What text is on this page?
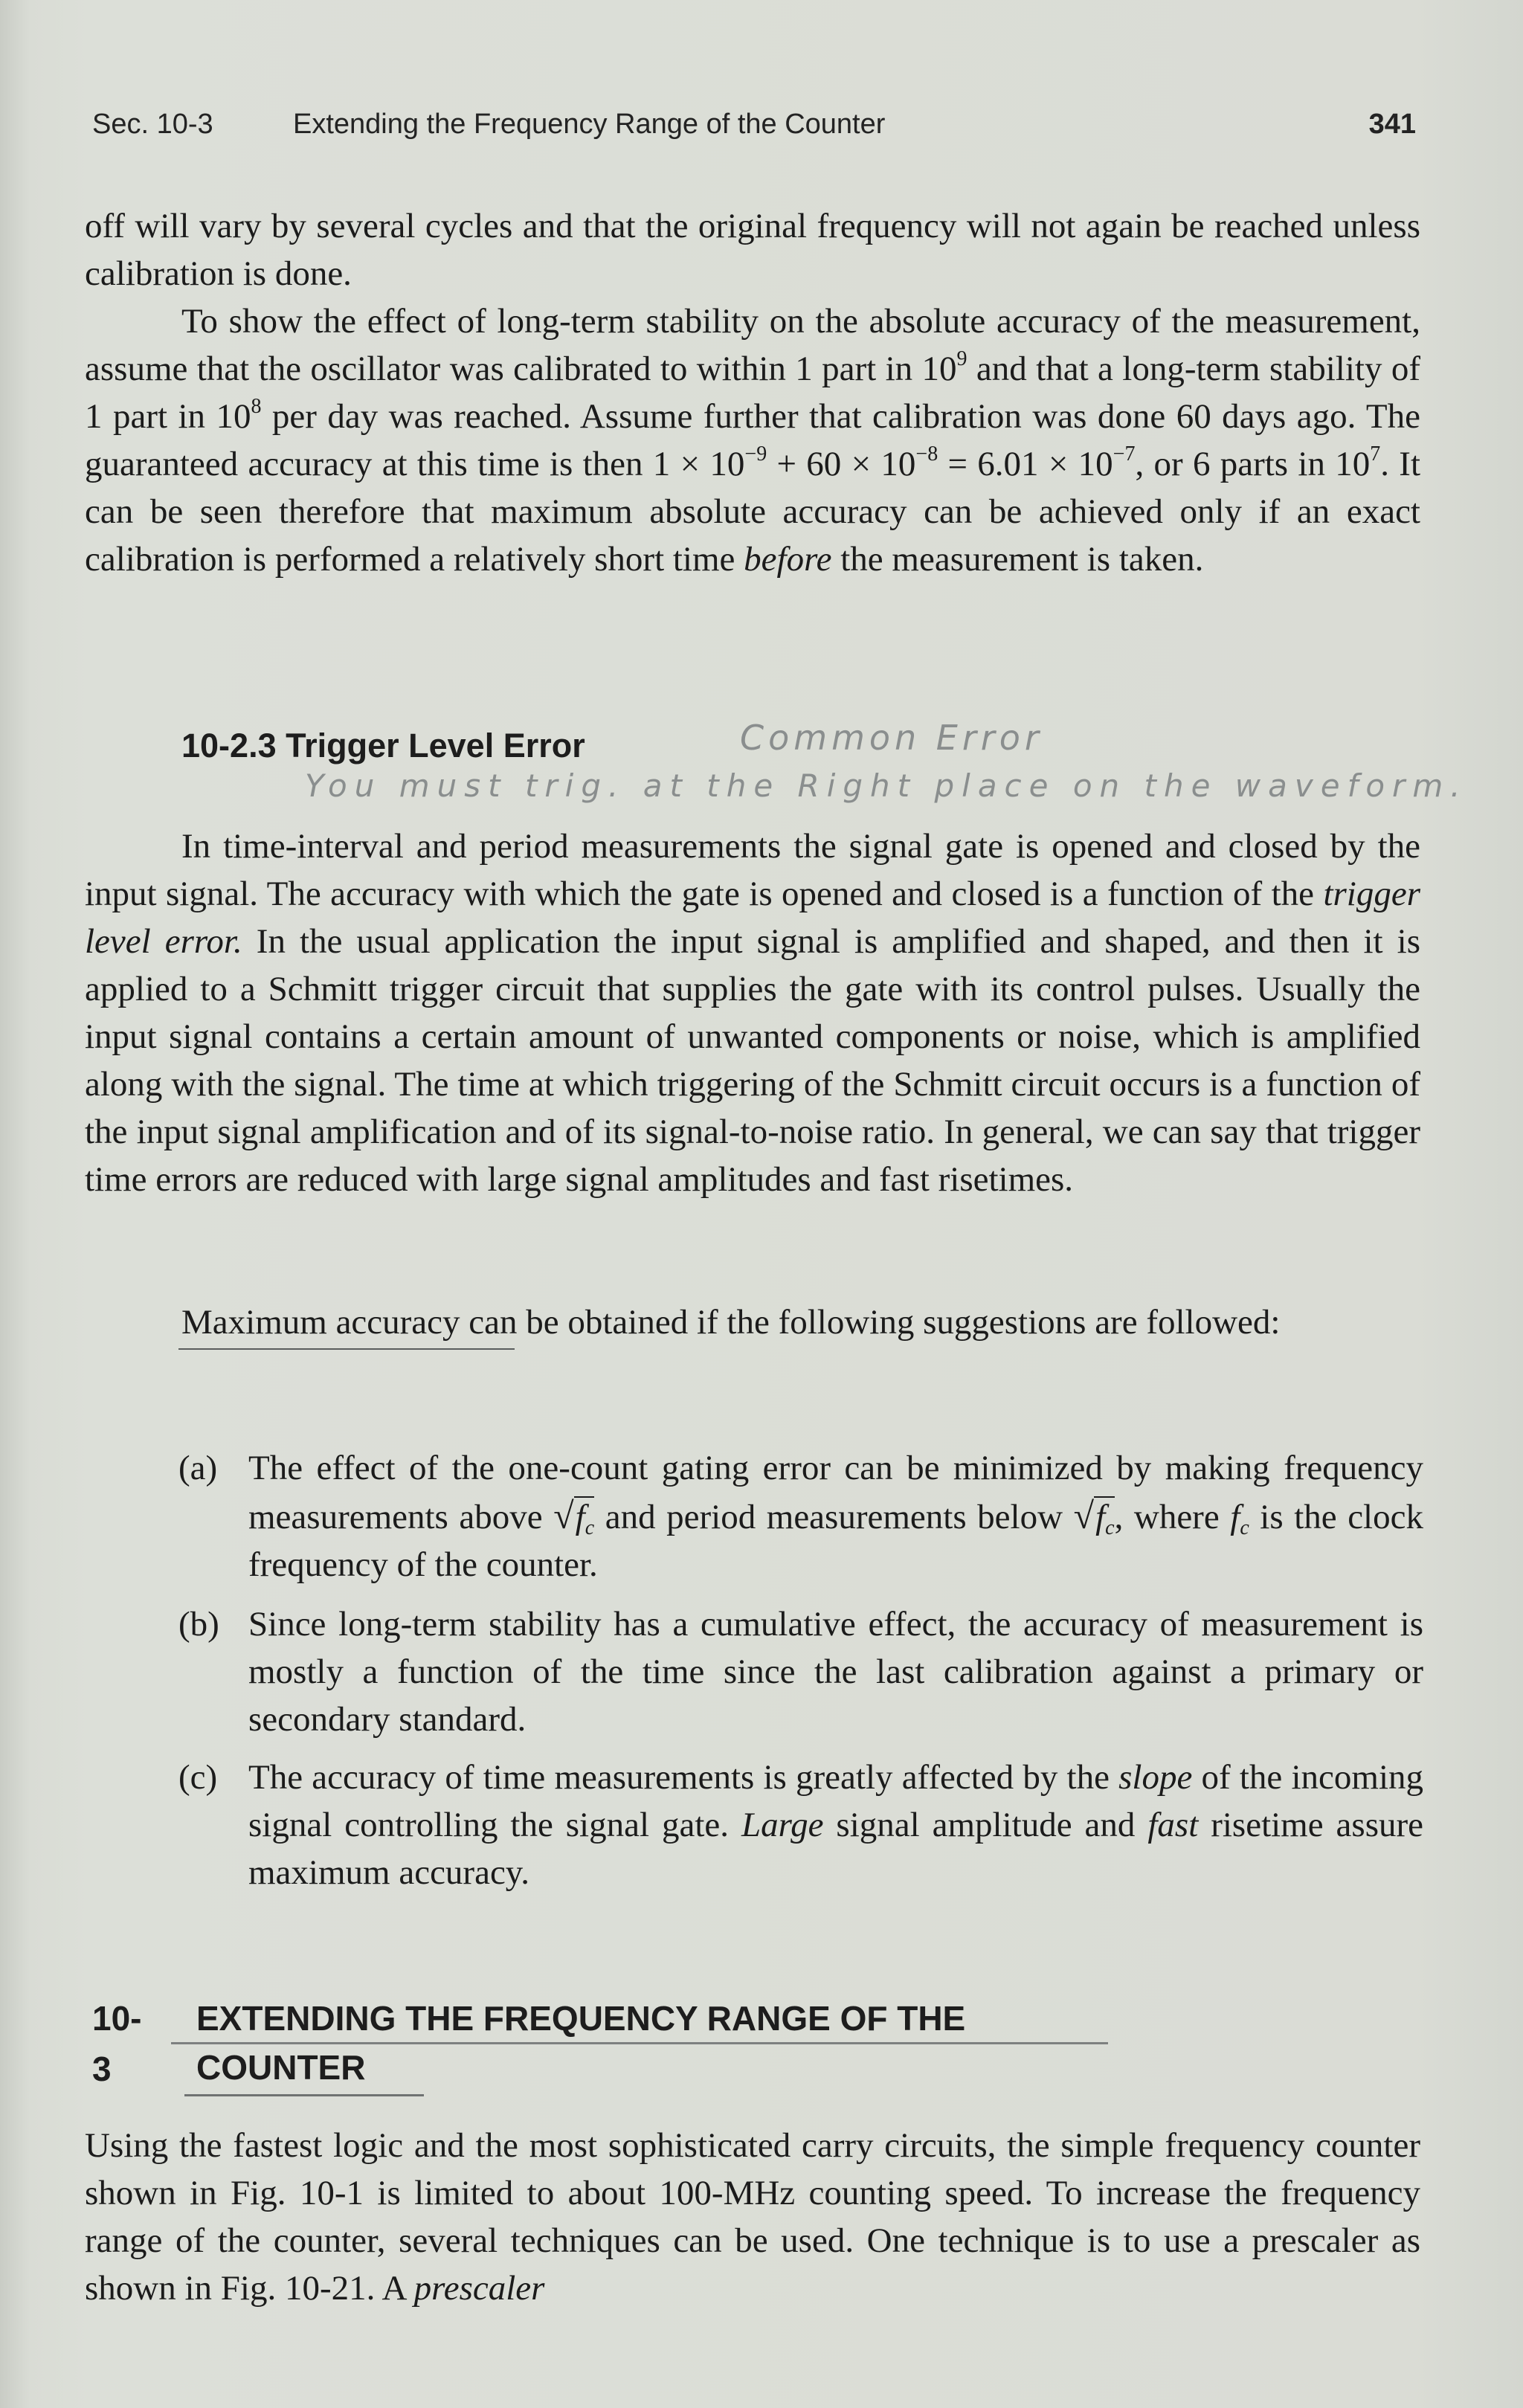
Sec. 10-3	Extending the Frequency Range of the Counter	341

off will vary by several cycles and that the original frequency will not again be reached unless calibration is done.

To show the effect of long-term stability on the absolute accuracy of the measurement, assume that the oscillator was calibrated to within 1 part in $10^9$ and that a long-term stability of 1 part in $10^8$ per day was reached. Assume further that calibration was done 60 days ago. The guaranteed accuracy at this time is then $1 \times 10^{-9} + 60 \times 10^{-8} = 6.01 \times 10^{-7}$, or 6 parts in $10^7$. It can be seen therefore that maximum absolute accuracy can be achieved only if an exact calibration is performed a relatively short time before the measurement is taken.

10-2.3 Trigger Level Error	Common Error
You must trig. at the Right place on the waveform.

In time-interval and period measurements the signal gate is opened and closed by the input signal. The accuracy with which the gate is opened and closed is a function of the trigger level error. In the usual application the input signal is amplified and shaped, and then it is applied to a Schmitt trigger circuit that supplies the gate with its control pulses. Usually the input signal contains a certain amount of unwanted components or noise, which is amplified along with the signal. The time at which triggering of the Schmitt circuit occurs is a function of the input signal amplification and of its signal-to-noise ratio. In general, we can say that trigger time errors are reduced with large signal amplitudes and fast risetimes.

Maximum accuracy can be obtained if the following suggestions are followed:

(a) The effect of the one-count gating error can be minimized by making frequency measurements above $√f_c$ and period measurements below $√f_c$, where $f_c$ is the clock frequency of the counter.
(b) Since long-term stability has a cumulative effect, the accuracy of measurement is mostly a function of the time since the last calibration against a primary or secondary standard.
(c) The accuracy of time measurements is greatly affected by the slope of the incoming signal controlling the signal gate. Large signal amplitude and fast risetime assure maximum accuracy.
10-3
EXTENDING THE FREQUENCY RANGE OF THE
COUNTER

Using the fastest logic and the most sophisticated carry circuits, the simple frequency counter shown in Fig. 10-1 is limited to about 100-MHz counting speed. To increase the frequency range of the counter, several techniques can be used. One technique is to use a prescaler as shown in Fig. 10-21. A prescaler
